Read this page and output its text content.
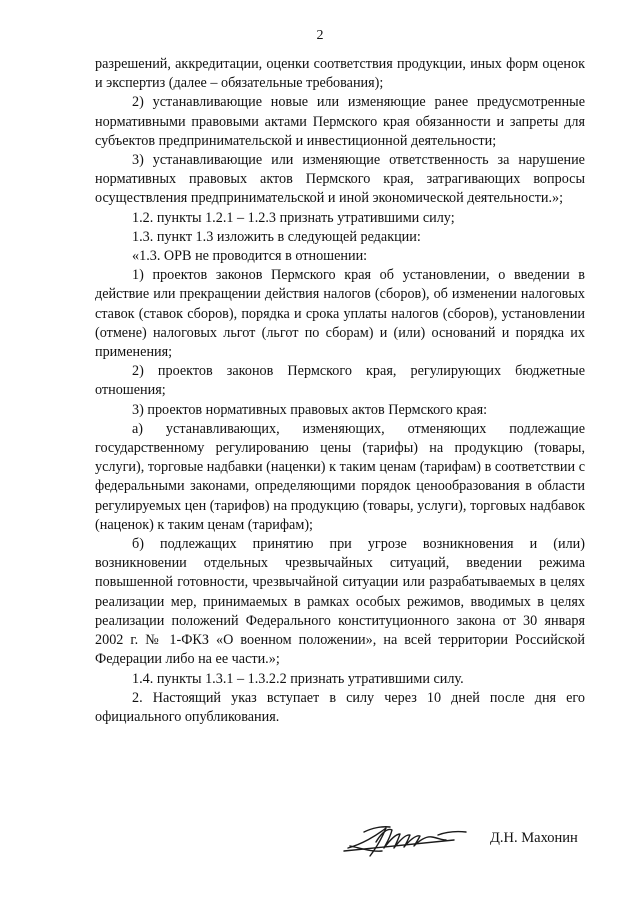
2

разрешений, аккредитации, оценки соответствия продукции, иных форм оценок и экспертиз (далее – обязательные требования);

2) устанавливающие новые или изменяющие ранее предусмотренные нормативными правовыми актами Пермского края обязанности и запреты для субъектов предпринимательской и инвестиционной деятельности;

3) устанавливающие или изменяющие ответственность за нарушение нормативных правовых актов Пермского края, затрагивающих вопросы осуществления предпринимательской и иной экономической деятельности.»;

1.2. пункты 1.2.1 – 1.2.3 признать утратившими силу;

1.3. пункт 1.3 изложить в следующей редакции:

«1.3. ОРВ не проводится в отношении:

1) проектов законов Пермского края об установлении, о введении в действие или прекращении действия налогов (сборов), об изменении налоговых ставок (ставок сборов), порядка и срока уплаты налогов (сборов), установлении (отмене) налоговых льгот (льгот по сборам) и (или) оснований и порядка их применения;

2) проектов законов Пермского края, регулирующих бюджетные отношения;

3) проектов нормативных правовых актов Пермского края:

а) устанавливающих, изменяющих, отменяющих подлежащие государственному регулированию цены (тарифы) на продукцию (товары, услуги), торговые надбавки (наценки) к таким ценам (тарифам) в соответствии с федеральными законами, определяющими порядок ценообразования в области регулируемых цен (тарифов) на продукцию (товары, услуги), торговых надбавок (наценок) к таким ценам (тарифам);

б) подлежащих принятию при угрозе возникновения и (или) возникновении отдельных чрезвычайных ситуаций, введении режима повышенной готовности, чрезвычайной ситуации или разрабатываемых в целях реализации мер, принимаемых в рамках особых режимов, вводимых в целях реализации положений Федерального конституционного закона от 30 января 2002 г. № 1-ФКЗ «О военном положении», на всей территории Российской Федерации либо на ее части.»;

1.4. пункты 1.3.1 – 1.3.2.2 признать утратившими силу.

2. Настоящий указ вступает в силу через 10 дней после дня его официального опубликования.

Д.Н. Махонин
